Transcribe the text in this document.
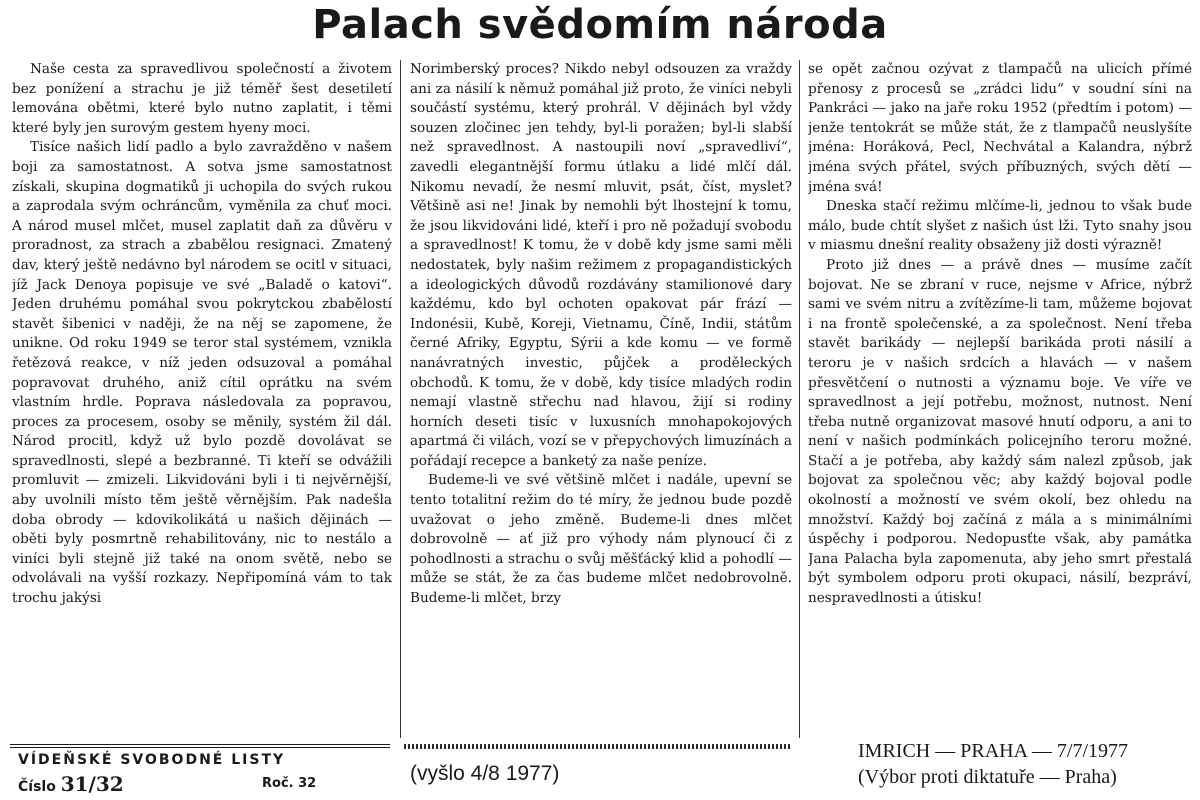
Palach svědomím národa

Naše cesta za spravedlivou společností a životem bez ponížení a strachu je již téměř šest desetiletí lemována obětmi, které bylo nutno zaplatit, i těmi které byly jen surovým gestem hyeny moci.

Tisíce našich lidí padlo a bylo zavražděno v našem boji za samostatnost. A sotva jsme samostatnost získali, skupina dogmatiků ji uchopila do svých rukou a zaprodala svým ochráncům, vyměnila za chuť moci. A národ musel mlčet, musel zaplatit daň za důvěru v proradnost, za strach a zbabělou resignaci. Zmatený dav, který ještě nedávno byl národem se ocitl v situaci, jíž Jack Denoya popisuje ve své „Baladě o katovi“. Jeden druhému pomáhal svou pokrytckou zbabělostí stavět šibenici v naději, že na něj se zapomene, že unikne. Od roku 1949 se teror stal systémem, vznikla řetězová reakce, v níž jeden odsuzoval a pomáhal popravovat druhého, aniž cítil oprátku na svém vlastním hrdle. Poprava následovala za popravou, proces za procesem, osoby se měnily, systém žil dál. Národ procitl, když už bylo pozdě dovolávat se spravedlnosti, slepé a bezbranné. Ti kteří se odvážili promluvit — zmizeli. Likvidováni byli i ti nejvěrnější, aby uvolnili místo těm ještě věrnějším. Pak nadešla doba obrody — kdovikolikátá u našich dějinách — oběti byly posmrtně rehabilitovány, nic to nestálo a viníci byli stejně již také na onom světě, nebo se odvolávali na vyšší rozkazy. Nepřipomíná vám to tak trochu jakýsi

Norimberský proces? Nikdo nebyl odsouzen za vraždy ani za násilí k němuž pomáhal již proto, že viníci nebyli součástí systému, který prohrál. V dějinách byl vždy souzen zločinec jen tehdy, byl-li poražen; byl-li slabší než spravedlnost. A nastoupili noví „spravedliví“, zavedli elegantnější formu útlaku a lidé mlčí dál. Nikomu nevadí, že nesmí mluvit, psát, číst, myslet? Většině asi ne! Jinak by nemohli být lhostejní k tomu, že jsou likvidováni lidé, kteří i pro ně požadují svobodu a spravedlnost! K tomu, že v době kdy jsme sami měli nedostatek, byly našim režimem z propagandistických a ideologických důvodů rozdávány stamilionové dary každému, kdo byl ochoten opakovat pár frází — Indonésii, Kubě, Koreji, Vietnamu, Číně, Indii, státům černé Afriky, Egyptu, Sýrii a kde komu — ve formě nanávratných investic, půjček a proděleckých obchodů. K tomu, že v době, kdy tisíce mladých rodin nemají vlastně střechu nad hlavou, žijí si rodiny horních deseti tisíc v luxusních mnohapokojových apartmá či vilách, vozí se v přepychových limuzínách a pořádají recepce a banketý za naše peníze.

Budeme-li ve své většině mlčet i nadále, upevní se tento totalitní režim do té míry, že jednou bude pozdě uvažovat o jeho změně. Budeme-li dnes mlčet dobrovolně — ať již pro výhody nám plynoucí či z pohodlnosti a strachu o svůj měšťácký klid a pohodlí — může se stát, že za čas budeme mlčet nedobrovolně. Budeme-li mlčet, brzy

se opět začnou ozývat z tlampačů na ulicích přímé přenosy z procesů se „zrádci lidu“ v soudní síni na Pankráci — jako na jaře roku 1952 (předtím i potom) — jenže tentokrát se může stát, že z tlampačů neuslyšíte jména: Horáková, Pecl, Nechvátal a Kalandra, nýbrž jména svých přátel, svých příbuzných, svých dětí — jména svá!

Dneska stačí režimu mlčíme-li, jednou to však bude málo, bude chtít slyšet z našich úst lži. Tyto snahy jsou v miasmu dnešní reality obsaženy již dosti výrazně!

Proto již dnes — a právě dnes — musíme začít bojovat. Ne se zbraní v ruce, nejsme v Africe, nýbrž sami ve svém nitru a zvítězíme-li tam, můžeme bojovat i na frontě společenské, a za společnost. Není třeba stavět barikády — nejlepší barikáda proti násilí a teroru je v našich srdcích a hlavách — v našem přesvětčení o nutnosti a významu boje. Ve víře ve spravedlnost a její potřebu, možnost, nutnost. Není třeba nutně organizovat masové hnutí odporu, a ani to není v našich podmínkách policejního teroru možné. Stačí a je potřeba, aby každý sám nalezl způsob, jak bojovat za společnou věc; aby každý bojoval podle okolností a možností ve svém okolí, bez ohledu na množství. Každý boj začíná z mála a s minimálními úspěchy i podporou. Nedopusťte však, aby památka Jana Palacha byla zapomenuta, aby jeho smrt přestalá být symbolem odporu proti okupaci, násilí, bezpráví, nespravedlnosti a útisku!

VÍDEŇSKÉ SVOBODNÉ LISTY
Číslo 31/32	Roč. 32	(vyšlo 4/8 1977)
IMRICH — PRAHA — 7/7/1977
(Výbor proti diktatuře — Praha)
